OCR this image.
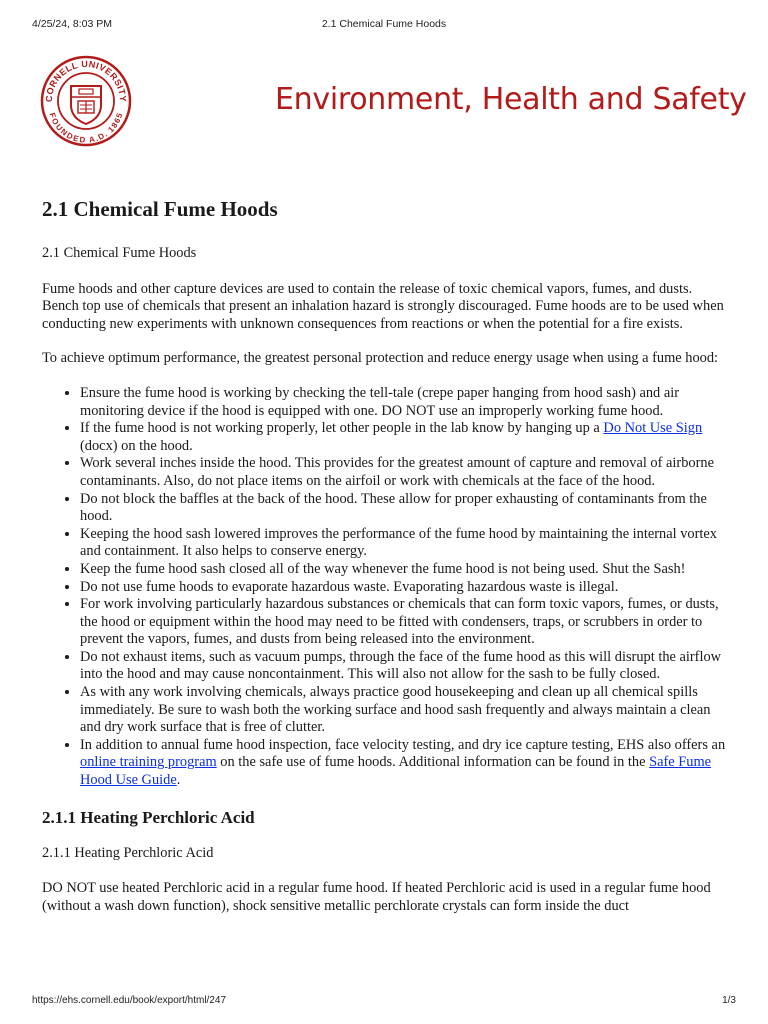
4/25/24, 8:03 PM	2.1 Chemical Fume Hoods
CORNELL UNIVERSITY
FOUNDED A.D. 1865	Environment, Health and Safety
2.1 Chemical Fume Hoods

2.1 Chemical Fume Hoods

Fume hoods and other capture devices are used to contain the release of toxic chemical vapors, fumes, and dusts. Bench top use of chemicals that present an inhalation hazard is strongly discouraged. Fume hoods are to be used when conducting new experiments with unknown consequences from reactions or when the potential for a fire exists.

To achieve optimum performance, the greatest personal protection and reduce energy usage when using a fume hood:

• Ensure the fume hood is working by checking the tell-tale (crepe paper hanging from hood sash) and air monitoring device if the hood is equipped with one. DO NOT use an improperly working fume hood.
• If the fume hood is not working properly, let other people in the lab know by hanging up a Do Not Use Sign (docx) on the hood.
• Work several inches inside the hood. This provides for the greatest amount of capture and removal of airborne contaminants. Also, do not place items on the airfoil or work with chemicals at the face of the hood.
• Do not block the baffles at the back of the hood. These allow for proper exhausting of contaminants from the hood.
• Keeping the hood sash lowered improves the performance of the fume hood by maintaining the internal vortex and containment. It also helps to conserve energy.
• Keep the fume hood sash closed all of the way whenever the fume hood is not being used. Shut the Sash!
• Do not use fume hoods to evaporate hazardous waste. Evaporating hazardous waste is illegal.
• For work involving particularly hazardous substances or chemicals that can form toxic vapors, fumes, or dusts, the hood or equipment within the hood may need to be fitted with condensers, traps, or scrubbers in order to prevent the vapors, fumes, and dusts from being released into the environment.
• Do not exhaust items, such as vacuum pumps, through the face of the fume hood as this will disrupt the airflow into the hood and may cause noncontainment. This will also not allow for the sash to be fully closed.
• As with any work involving chemicals, always practice good housekeeping and clean up all chemical spills immediately. Be sure to wash both the working surface and hood sash frequently and always maintain a clean and dry work surface that is free of clutter.
• In addition to annual fume hood inspection, face velocity testing, and dry ice capture testing, EHS also offers an online training program on the safe use of fume hoods. Additional information can be found in the Safe Fume Hood Use Guide.
2.1.1 Heating Perchloric Acid

2.1.1 Heating Perchloric Acid

DO NOT use heated Perchloric acid in a regular fume hood. If heated Perchloric acid is used in a regular fume hood (without a wash down function), shock sensitive metallic perchlorate crystals can form inside the duct

https://ehs.cornell.edu/book/export/html/247	1/3
